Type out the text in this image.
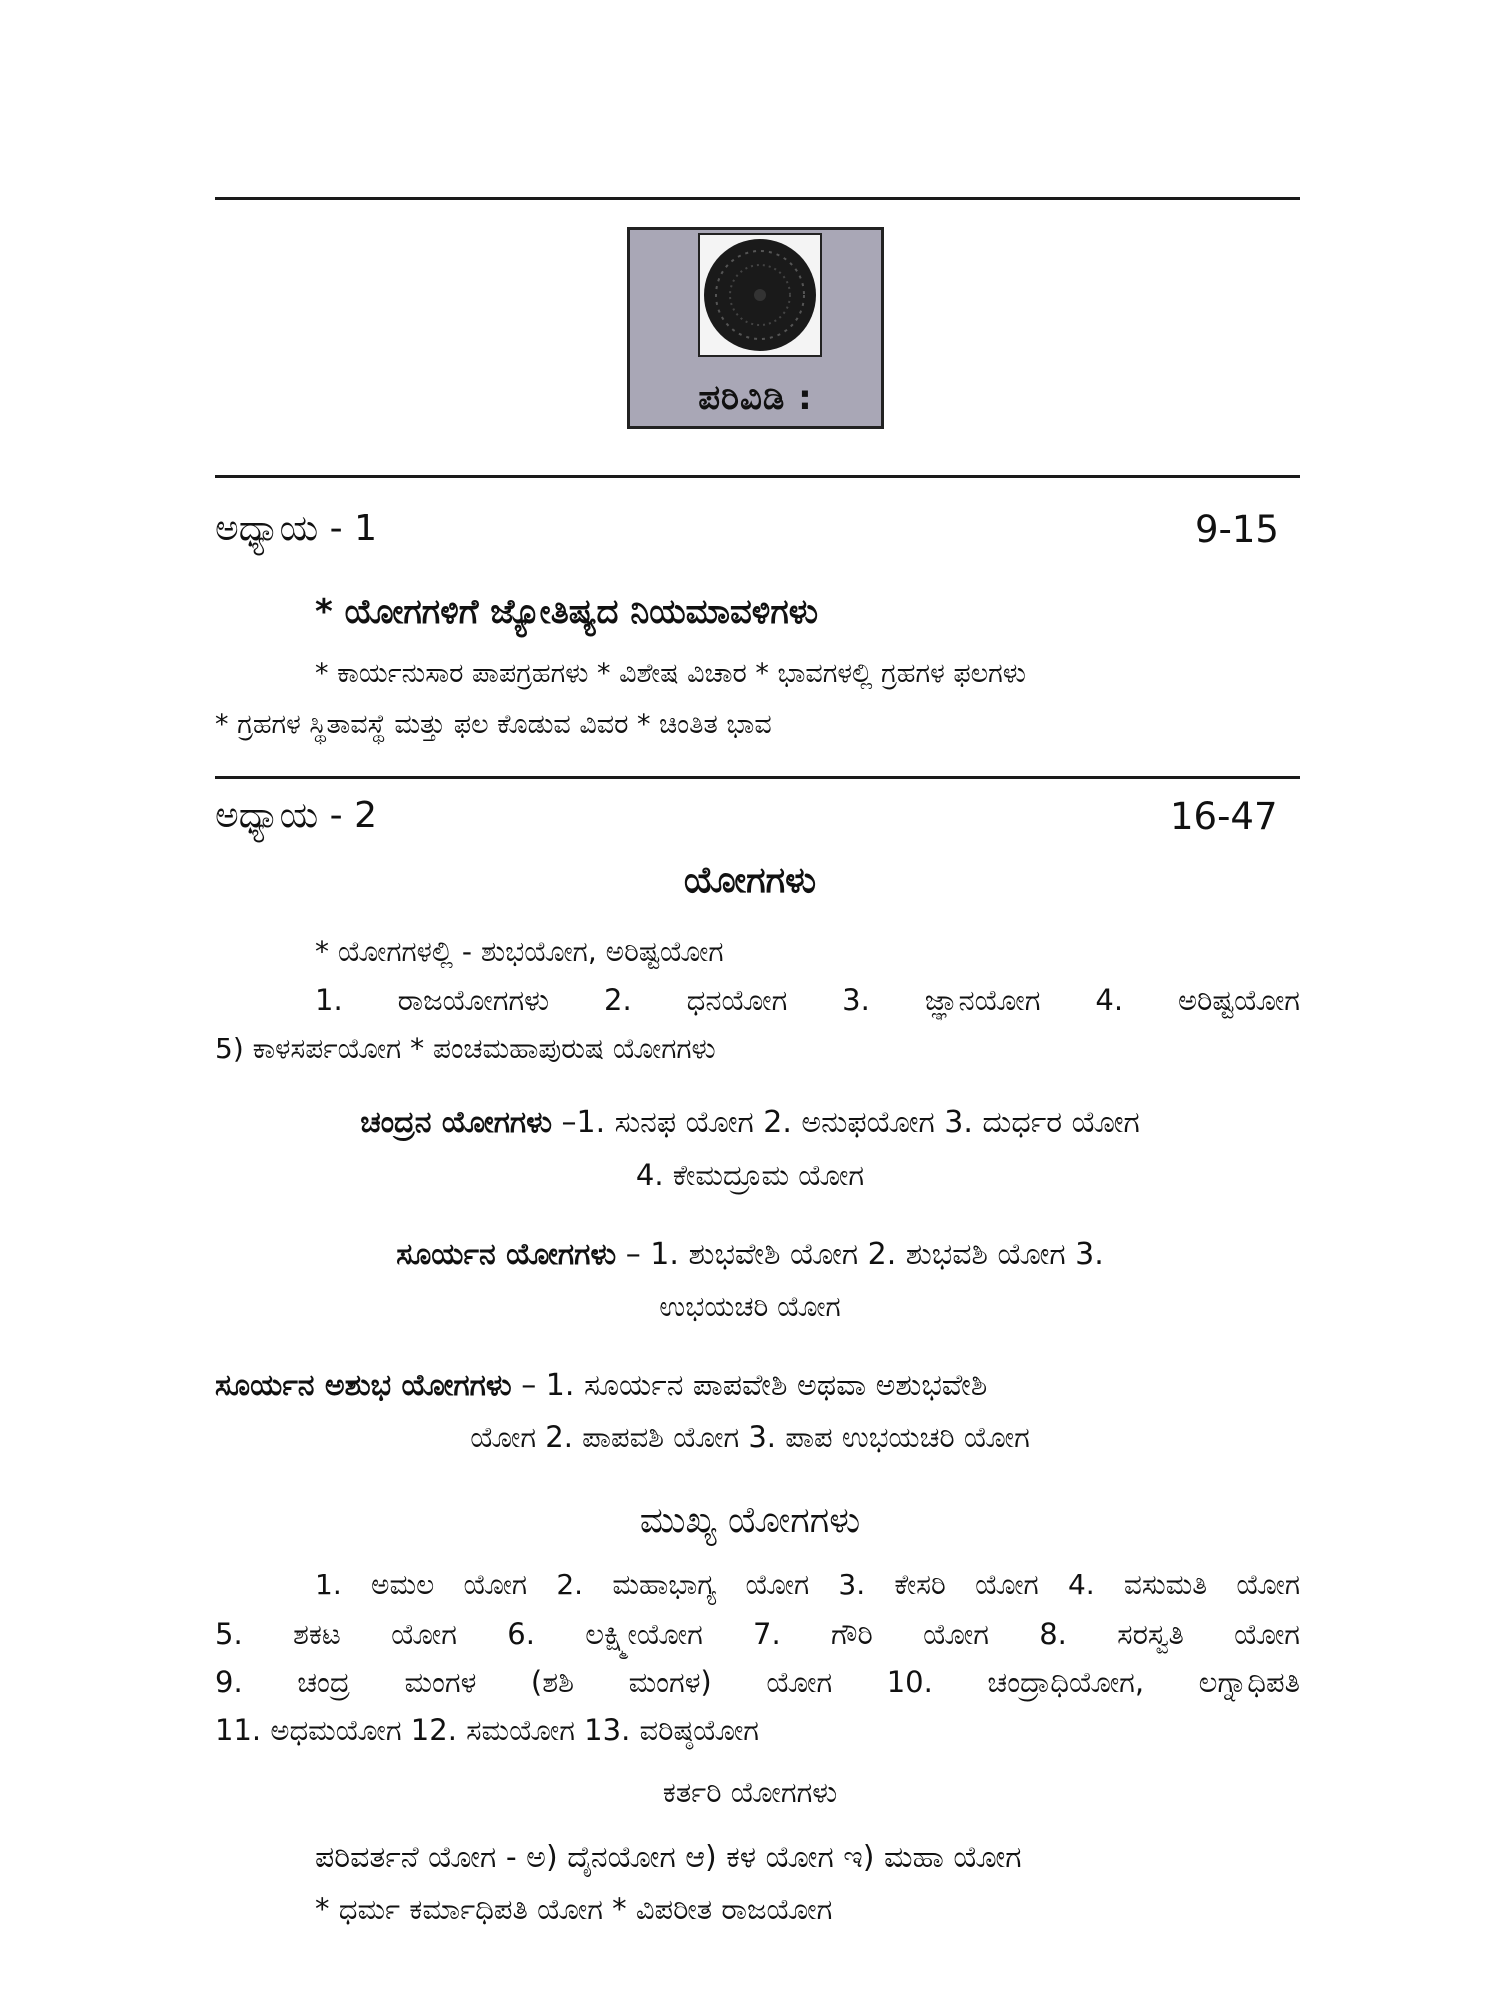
ಪರಿವಿಡಿ :
ಅಧ್ಯಾಯ - 1	9-15
* ಯೋಗಗಳಿಗೆ ಜ್ಯೋತಿಷ್ಯದ ನಿಯಮಾವಳಿಗಳು
* ಕಾರ್ಯನುಸಾರ ಪಾಪಗ್ರಹಗಳು * ವಿಶೇಷ ವಿಚಾರ * ಭಾವಗಳಲ್ಲಿ ಗ್ರಹಗಳ ಫಲಗಳು
* ಗ್ರಹಗಳ ಸ್ಥಿತಾವಸ್ಥೆ ಮತ್ತು ಫಲ ಕೊಡುವ ವಿವರ * ಚಿಂತಿತ ಭಾವ
ಅಧ್ಯಾಯ - 2	16-47
ಯೋಗಗಳು
* ಯೋಗಗಳಲ್ಲಿ - ಶುಭಯೋಗ, ಅರಿಷ್ಟಯೋಗ
1. ರಾಜಯೋಗಗಳು 2. ಧನಯೋಗ 3. ಜ್ಞಾನಯೋಗ 4. ಅರಿಷ್ಟಯೋಗ
5) ಕಾಳಸರ್ಪಯೋಗ * ಪಂಚಮಹಾಪುರುಷ ಯೋಗಗಳು
ಚಂದ್ರನ ಯೋಗಗಳು –1. ಸುನಫ ಯೋಗ 2. ಅನುಫಯೋಗ 3. ದುರ್ಧರ ಯೋಗ
4. ಕೇಮದ್ರೂಮ ಯೋಗ
ಸೂರ್ಯನ ಯೋಗಗಳು – 1. ಶುಭವೇಶಿ ಯೋಗ 2. ಶುಭವಶಿ ಯೋಗ 3.
ಉಭಯಚರಿ ಯೋಗ
ಸೂರ್ಯನ ಅಶುಭ ಯೋಗಗಳು – 1. ಸೂರ್ಯನ ಪಾಪವೇಶಿ ಅಥವಾ ಅಶುಭವೇಶಿ
ಯೋಗ 2. ಪಾಪವಶಿ ಯೋಗ 3. ಪಾಪ ಉಭಯಚರಿ ಯೋಗ
ಮುಖ್ಯ ಯೋಗಗಳು
1. ಅಮಲ ಯೋಗ 2. ಮಹಾಭಾಗ್ಯ ಯೋಗ 3. ಕೇಸರಿ ಯೋಗ 4. ವಸುಮತಿ ಯೋಗ
5. ಶಕಟ ಯೋಗ 6. ಲಕ್ಷ್ಮೀಯೋಗ 7. ಗೌರಿ ಯೋಗ 8. ಸರಸ್ವತಿ ಯೋಗ
9. ಚಂದ್ರ ಮಂಗಳ (ಶಶಿ ಮಂಗಳ) ಯೋಗ 10. ಚಂದ್ರಾಧಿಯೋಗ, ಲಗ್ನಾಧಿಪತಿ
11. ಅಧಮಯೋಗ 12. ಸಮಯೋಗ 13. ವರಿಷ್ಠಯೋಗ
ಕರ್ತರಿ ಯೋಗಗಳು
ಪರಿವರ್ತನೆ ಯೋಗ - ಅ) ದೈನಯೋಗ ಆ) ಕಳ ಯೋಗ ಇ) ಮಹಾ ಯೋಗ
* ಧರ್ಮ ಕರ್ಮಾಧಿಪತಿ ಯೋಗ * ವಿಪರೀತ ರಾಜಯೋಗ
